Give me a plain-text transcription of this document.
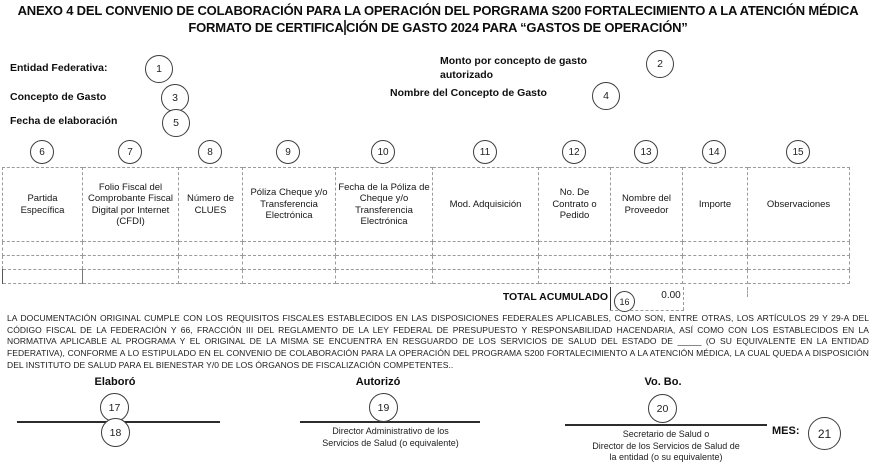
ANEXO 4 DEL CONVENIO DE COLABORACIÓN PARA LA OPERACIÓN DEL PORGRAMA S200 FORTALECIMIENTO A LA ATENCIÓN MÉDICA
FORMATO DE CERTIFICA CIÓN DE GASTO 2024 PARA “GASTOS DE OPERACIÓN”
Entidad Federativa:	1
Concepto de Gasto	3
Fecha de elaboración	5
Monto por concepto de gasto
autorizado
2
Nombre del Concepto de Gasto	4
6	7	8	9	10	11	12	13	14	15
Partida Específica	Folio Fiscal del Comprobante Fiscal Digital por Internet (CFDI)	Número de CLUES	Póliza Cheque y/o Transferencia Electrónica	Fecha de la Póliza de Cheque y/o Transferencia Electrónica	Mod. Adquisición	No. De Contrato o Pedido	Nombre del Proveedor	Importe	Observaciones

TOTAL ACUMULADO	16
0.00
LA DOCUMENTACIÓN ORIGINAL CUMPLE CON LOS REQUISITOS FISCALES ESTABLECIDOS EN LAS DISPOSICIONES FEDERALES APLICABLES, COMO SON, ENTRE OTRAS, LOS ARTÍCULOS 29 Y 29-A DEL CÓDIGO FISCAL DE LA FEDERACIÓN Y 66, FRACCIÓN III DEL REGLAMENTO DE LA LEY FEDERAL DE PRESUPUESTO Y RESPONSABILIDAD HACENDARIA, ASÍ COMO CON LOS ESTABLECIDOS EN LA NORMATIVA APLICABLE AL PROGRAMA Y EL ORIGINAL DE LA MISMA SE ENCUENTRA EN RESGUARDO DE LOS SERVICIOS DE SALUD DEL ESTADO DE _____ (O SU EQUIVALENTE EN LA ENTIDAD FEDERATIVA), CONFORME A LO ESTIPULADO EN EL CONVENIO DE COLABORACIÓN PARA LA OPERACIÓN DEL PROGRAMA S200 FORTALECIMIENTO A LA ATENCIÓN MÉDICA, LA CUAL QUEDA A DISPOSICIÓN DEL INSTITUTO DE SALUD PARA EL BIENESTAR Y/0 DE LOS ÓRGANOS DE FISCALIZACIÓN COMPETENTES..
Elaboró
17
18
Autorizó
19
Director Administrativo de los
Servicios de Salud (o equivalente)
Vo. Bo.
20
Secretario de Salud o
Director de los Servicios de Salud de
la entidad (o su equivalente)
MES:	21
